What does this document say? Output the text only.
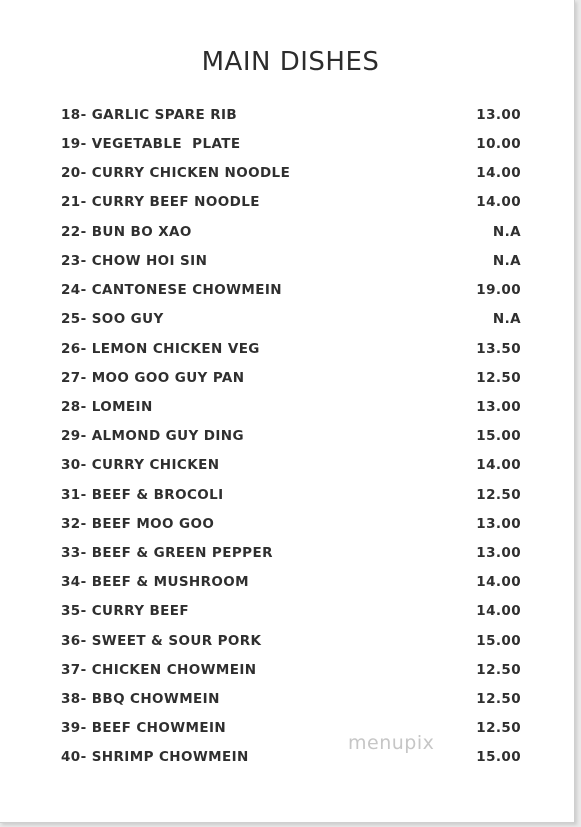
MAIN DISHES
18- GARLIC SPARE RIB	13.00
19- VEGETABLE  PLATE	10.00
20- CURRY CHICKEN NOODLE	14.00
21- CURRY BEEF NOODLE	14.00
22- BUN BO XAO	N.A
23- CHOW HOI SIN	N.A
24- CANTONESE CHOWMEIN	19.00
25- SOO GUY	N.A
26- LEMON CHICKEN VEG	13.50
27- MOO GOO GUY PAN	12.50
28- LOMEIN	13.00
29- ALMOND GUY DING	15.00
30- CURRY CHICKEN	14.00
31- BEEF & BROCOLI	12.50
32- BEEF MOO GOO	13.00
33- BEEF & GREEN PEPPER	13.00
34- BEEF & MUSHROOM	14.00
35- CURRY BEEF	14.00
36- SWEET & SOUR PORK	15.00
37- CHICKEN CHOWMEIN	12.50
38- BBQ CHOWMEIN	12.50
39- BEEF CHOWMEIN	12.50
40- SHRIMP CHOWMEIN	15.00
menupix
